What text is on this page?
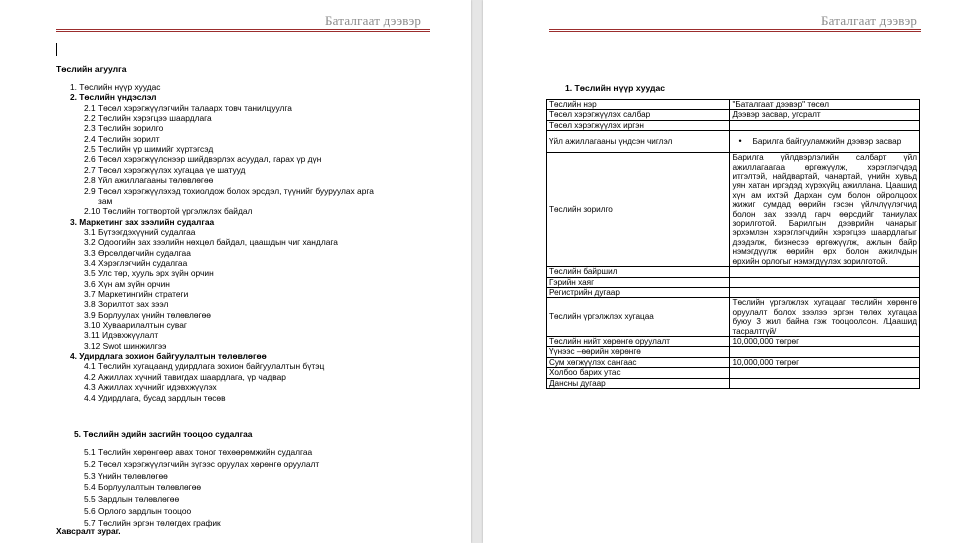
Баталгаат дээвэр
Төслийн агуулга
1. Төслийн нүүр хуудас
2. Төслийн үндэслэл
2.1 Төсөл хэрэгжүүлэгчийн талаарх товч танилцуулга
2.2 Төслийн хэрэгцээ шаардлага
2.3 Төслийн зорилго
2.4 Төслийн зорилт
2.5 Төслийн үр шимийг хүртэгсэд
2.6 Төсөл хэрэгжүүлснээр шийдвэрлэх асуудал, гарах үр дүн
2.7 Төсөл хэрэгжүүлэх хугацаа үе шатууд
2.8 Үйл ажиллагааны төлөвлөгөө
2.9 Төсөл хэрэгжүүлэхэд тохиолдож болох эрсдэл, түүнийг бууруулах арга
зам
2.10 Төслийн тогтвортой үргэлжлэх байдал
3. Маркетинг зах зээлийн судалгаа
3.1 Бүтээгдэхүүний судалгаа
3.2 Одоогийн зах зээлийн нөхцөл байдал, цаашдын чиг хандлага
3.3 Өрсөлдөгчийн судалгаа
3.4 Хэрэглэгчийн судалгаа
3.5 Улс төр, хууль эрх зүйн орчин
3.6 Хүн ам зүйн орчин
3.7 Маркетингийн стратеги
3.8 Зорилтот зах зээл
3.9 Борлуулах үнийн төлөвлөгөө
3.10 Хуваарилалтын суваг
3.11 Идэвхжүүлалт
3.12 Swot шинжилгээ
4. Удирдлага зохион байгуулалтын төлөвлөгөө
4.1 Төслийн хугацаанд удирдлага зохион байгуулалтын бүтэц
4.2 Ажиллах хүчний тавигдах шаардлага, үр чадвар
4.3 Ажиллах хүчнийг идэвхжүүлэх
4.4 Удирдлага, бусад зардлын төсөв
5. Төслийн эдийн засгийн тооцоо судалгаа
5.1 Төслийн хөрөнгөөр авах тоног төхөөрөмжийн судалгаа
5.2 Төсөл хэрэгжүүлэгчийн зүгээс оруулах хөрөнгө оруулалт
5.3 Үнийн төлөвлөгөө
5.4 Борлуулалтын төлөвлөгөө
5.5 Зардлын төлөвлөгөө
5.6 Орлого зардлын тооцоо
5.7 Төслийн эргэн төлөгдөх график
Хавсралт зураг.
Баталгаат дээвэр
1. Төслийн нүүр хуудас
Төслийн нэр	"Баталгаат дээвэр" төсөл
Төсөл хэрэгжүүлэх салбар	Дээвэр засвар, угсралт
Төсөл хэрэгжүүлэх иргэн	
Үйл ажиллагааны үндсэн чиглэл	• Барилга байгууламжийн дээвэр засвар

Төслийн зорилго	Барилга үйлдвэрлэлийн салбарт үйл ажиллагаагаа өргөжүүлж, хэрэглэгчдэд итгэлтэй, найдвартай, чанартай, үнийн хувьд уян хатан иргэдэд хүрэхүйц ажиллана. Цаашид хүн ам ихтэй Дархан сум болон ойролцоох жижиг сумдад өөрийн гэсэн үйлчлүүлэгчид болон зах зээлд гарч өөрсдийг таниулах зорилготой. Барилгын дээврийн чанарыг эрхэмлэн хэрэглэгчдийн хэрэгцээ шаардлагыг дээдэлж, бизнесээ өргөжүүлж, ажлын байр нэмэгдүүлж өөрийн өрх болон ажилчдын өрхийн орлогыг нэмэгдүүлэх зорилготой.
Төслийн байршил	
Гэрийн хаяг	
Регистрийн дугаар	
Төслийн үргэлжлэх хугацаа	Төслийн үргэлжлэх хугацааг төслийн хөрөнгө оруулалт болох зээлээ эргэн төлөх хугацаа буюу 3 жил байна гэж тооцоолсон. /Цаашид тасралтгүй/
Төслийн нийт хөрөнгө оруулалт	10,000,000 төгрөг
Үүнээс –өөрийн хөрөнгө	
Сум хөгжүүлэх сангаас	10,000,000 төгрөг
Холбоо барих утас	
Дансны дугаар	
